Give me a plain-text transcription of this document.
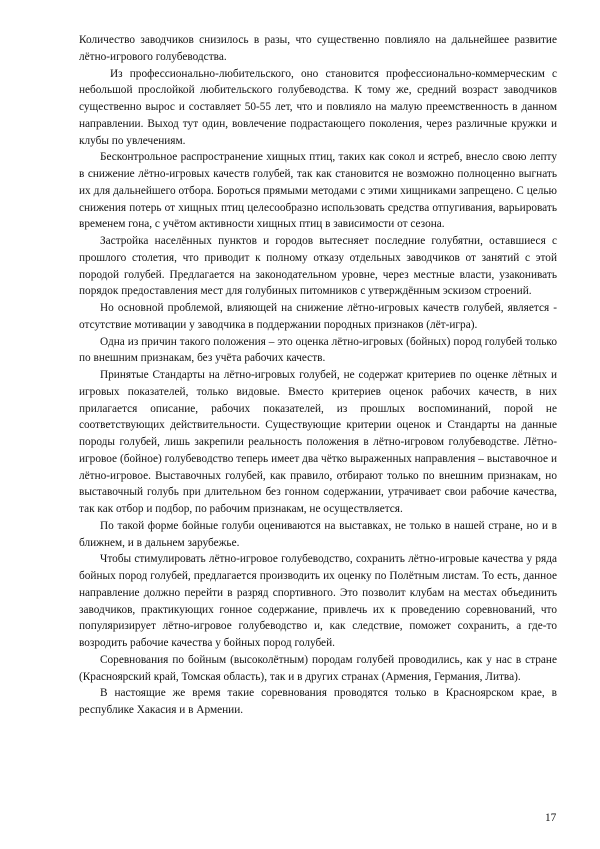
Количество заводчиков снизилось в разы, что существенно повлияло на дальнейшее развитие лётно-игрового голубеводства.

Из профессионально-любительского, оно становится профессионально-коммерческим с небольшой прослойкой любительского голубеводства. К тому же, средний возраст заводчиков существенно вырос и составляет 50-55 лет, что и повлияло на малую преемственность в данном направлении. Выход тут один, вовлечение подрастающего поколения, через различные кружки и клубы по увлечениям.

Бесконтрольное распространение хищных птиц, таких как сокол и ястреб, внесло свою лепту в снижение лётно-игровых качеств голубей, так как становится не возможно полноценно выгнать их для дальнейшего отбора. Бороться прямыми методами с этими хищниками запрещено. С целью снижения потерь от хищных птиц целесообразно использовать средства отпугивания, варьировать временем гона, с учётом активности хищных птиц в зависимости от сезона.

Застройка населённых пунктов и городов вытесняет последние голубятни, оставшиеся с прошлого столетия, что приводит к полному отказу отдельных заводчиков от занятий с этой породой голубей. Предлагается на законодательном уровне, через местные власти, узаконивать порядок предоставления мест для голубиных питомников с утверждённым эскизом строений.

Но основной проблемой, влияющей на снижение лётно-игровых качеств голубей, является - отсутствие мотивации у заводчика в поддержании породных признаков (лёт-игра).

Одна из причин такого положения – это оценка лётно-игровых (бойных) пород голубей только по внешним признакам, без учёта рабочих качеств.

Принятые Стандарты на лётно-игровых голубей, не содержат критериев по оценке лётных и игровых показателей, только видовые. Вместо критериев оценок рабочих качеств, в них прилагается описание, рабочих показателей, из прошлых воспоминаний, порой не соответствующих действительности. Существующие критерии оценок и Стандарты на данные породы голубей, лишь закрепили реальность положения в лётно-игровом голубеводстве. Лётно-игровое (бойное) голубеводство теперь имеет два чётко выраженных направления – выставочное и лётно-игровое. Выставочных голубей, как правило, отбирают только по внешним признакам, но выставочный голубь при длительном без гонном содержании, утрачивает свои рабочие качества, так как отбор и подбор, по рабочим признакам, не осуществляется.

По такой форме бойные голуби оцениваются на выставках, не только в нашей стране, но и в ближнем, и в дальнем зарубежье.

Чтобы стимулировать лётно-игровое голубеводство, сохранить лётно-игровые качества у ряда бойных пород голубей, предлагается производить их оценку по Полётным листам. То есть, данное направление должно перейти в разряд спортивного. Это позволит клубам на местах объединить заводчиков, практикующих гонное содержание, привлечь их к проведению соревнований, что популяризирует лётно-игровое голубеводство и, как следствие, поможет сохранить, а где-то возродить рабочие качества у бойных пород голубей.

Соревнования по бойным (высоколётным) породам голубей проводились, как у нас в стране (Красноярский край, Томская область), так и в других странах (Армения, Германия, Литва).

В настоящие же время такие соревнования проводятся только в Красноярском крае, в республике Хакасия и в Армении.

17
